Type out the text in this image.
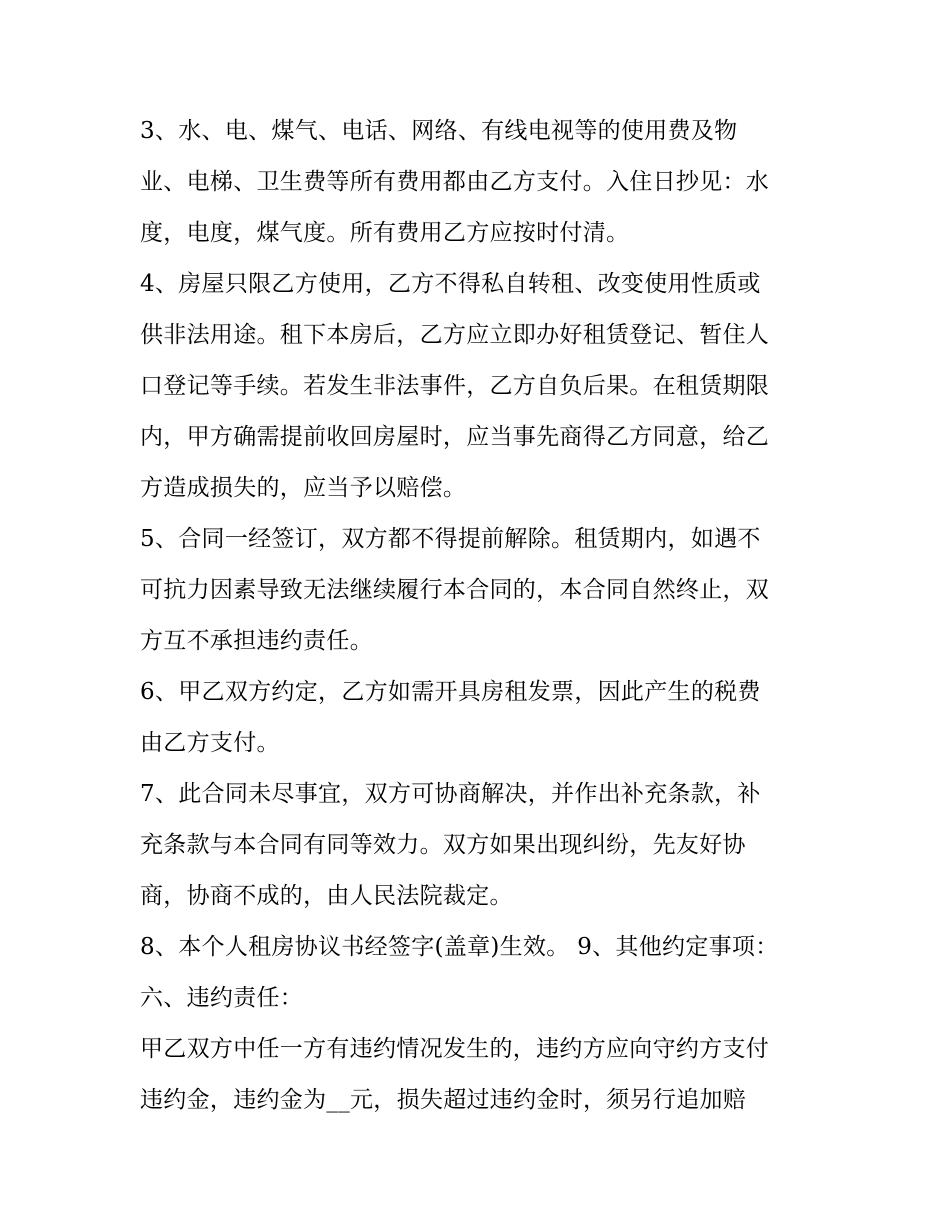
3、水、电、煤气、电话、网络、有线电视等的使用费及物
业、电梯、卫生费等所有费用都由乙方支付。入住日抄见：水
度，电度，煤气度。所有费用乙方应按时付清。
4、房屋只限乙方使用，乙方不得私自转租、改变使用性质或
供非法用途。租下本房后，乙方应立即办好租赁登记、暂住人
口登记等手续。若发生非法事件，乙方自负后果。在租赁期限
内，甲方确需提前收回房屋时，应当事先商得乙方同意，给乙
方造成损失的，应当予以赔偿。
5、合同一经签订，双方都不得提前解除。租赁期内，如遇不
可抗力因素导致无法继续履行本合同的，本合同自然终止，双
方互不承担违约责任。
6、甲乙双方约定，乙方如需开具房租发票，因此产生的税费
由乙方支付。
7、此合同未尽事宜，双方可协商解决，并作出补充条款，补
充条款与本合同有同等效力。双方如果出现纠纷，先友好协
商，协商不成的，由人民法院裁定。
8、本个人租房协议书经签字(盖章)生效。 9、其他约定事项：
六、违约责任：
甲乙双方中任一方有违约情况发生的，违约方应向守约方支付
违约金，违约金为__元，损失超过违约金时，须另行追加赔
